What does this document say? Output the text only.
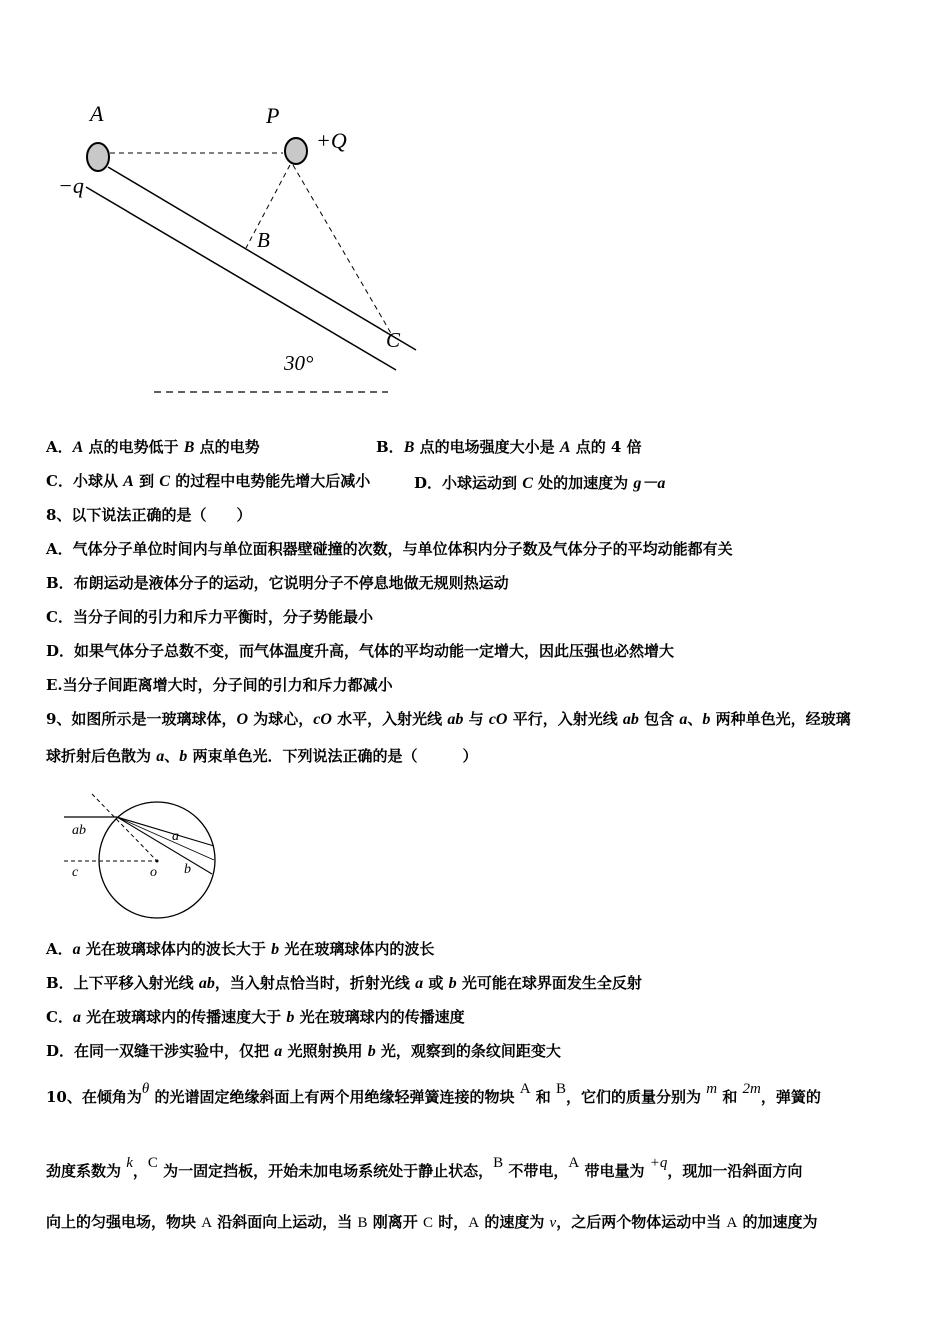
A	P
+Q
−q
B
C
30°
A．A 点的电势低于 B 点的电势	B．B 点的电场强度大小是 A 点的 4 倍
C．小球从 A 到 C 的过程中电势能先增大后减小	D．小球运动到 C 处的加速度为 g－a
8、以下说法正确的是（　　）
A．气体分子单位时间内与单位面积器壁碰撞的次数，与单位体积内分子数及气体分子的平均动能都有关
B．布朗运动是液体分子的运动，它说明分子不停息地做无规则热运动
C．当分子间的引力和斥力平衡时，分子势能最小
D．如果气体分子总数不变，而气体温度升高，气体的平均动能一定增大，因此压强也必然增大
E.当分子间距离增大时，分子间的引力和斥力都减小
9、如图所示是一玻璃球体，O 为球心，cO 水平，入射光线 ab 与 cO 平行，入射光线 ab 包含 a、b 两种单色光，经玻璃
球折射后色散为 a、b 两束单色光．下列说法正确的是（　　　）
ab	a
b
c	o
A．a 光在玻璃球体内的波长大于 b 光在玻璃球体内的波长
B．上下平移入射光线 ab，当入射点恰当时，折射光线 a 或 b 光可能在球界面发生全反射
C．a 光在玻璃球内的传播速度大于 b 光在玻璃球内的传播速度
D．在同一双缝干涉实验中，仅把 a 光照射换用 b 光，观察到的条纹间距变大
10、在倾角为θ 的光谱固定绝缘斜面上有两个用绝缘轻弹簧连接的物块 A 和 B，它们的质量分别为 m 和 2m，弹簧的
劲度系数为 k，C 为一固定挡板，开始未加电场系统处于静止状态，B 不带电，A 带电量为 +q，现加一沿斜面方向
向上的匀强电场，物块 A 沿斜面向上运动，当 B 刚离开 C 时，A 的速度为 v，之后两个物体运动中当 A 的加速度为
